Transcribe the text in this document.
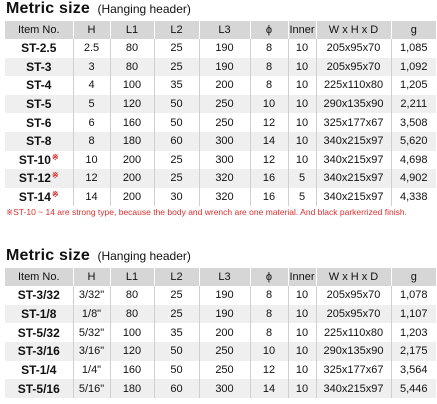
Metric size (Hanging header)
Item No.	H	L1	L2	L3	ϕ	Inner	W x H x D	g
ST-2.5	2.5	80	25	190	8	10	205x95x70	1,085
ST-3	3	80	25	190	8	10	205x95x70	1,092
ST-4	4	100	35	200	8	10	225x110x80	1,205
ST-5	5	120	50	250	10	10	290x135x90	2,211
ST-6	6	160	50	250	12	10	325x177x67	3,508
ST-8	8	180	60	300	14	10	340x215x97	5,620
ST-10※	10	200	25	300	12	10	340x215x97	4,698
ST-12※	12	200	25	320	16	5	340x215x97	4,902
ST-14※	14	200	30	320	16	5	340x215x97	4,338
※ST-10 ~ 14 are strong type, because the body and wrench are one material. And black parkerrized finish.
Metric size (Hanging header)
Item No.	H	L1	L2	L3	ϕ	Inner	W x H x D	g
ST-3/32	3/32"	80	25	190	8	10	205x95x70	1,078
ST-1/8	1/8"	80	25	190	8	10	205x95x70	1,107
ST-5/32	5/32"	100	35	200	8	10	225x110x80	1,203
ST-3/16	3/16"	120	50	250	10	10	290x135x90	2,175
ST-1/4	1/4"	160	50	250	12	10	325x177x67	3,564
ST-5/16	5/16"	180	60	300	14	10	340x215x97	5,446
